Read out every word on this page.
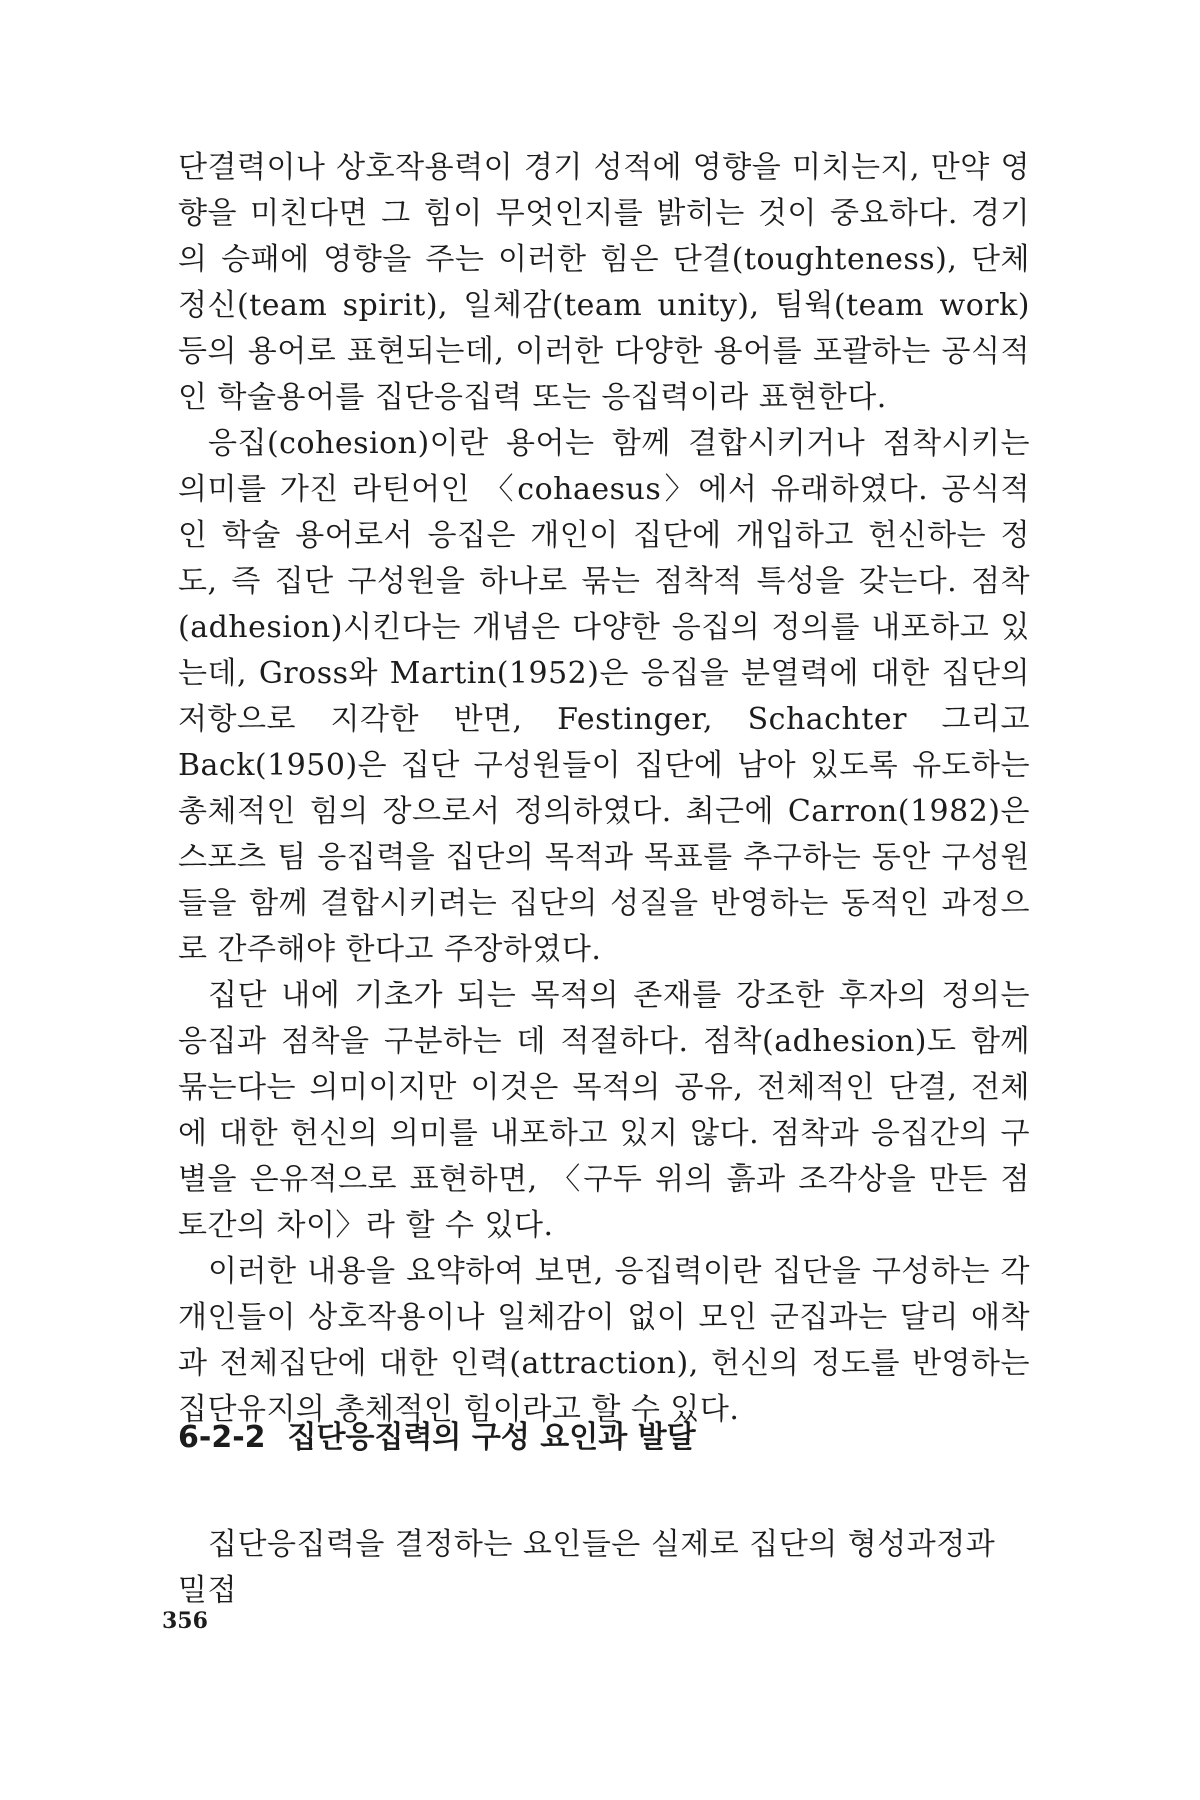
단결력이나 상호작용력이 경기 성적에 영향을 미치는지, 만약 영향을 미친다면 그 힘이 무엇인지를 밝히는 것이 중요하다. 경기의 승패에 영향을 주는 이러한 힘은 단결(toughteness), 단체정신(team spirit), 일체감(team unity), 팀웍(team work) 등의 용어로 표현되는데, 이러한 다양한 용어를 포괄하는 공식적인 학술용어를 집단응집력 또는 응집력이라 표현한다.

응집(cohesion)이란 용어는 함께 결합시키거나 점착시키는 의미를 가진 라틴어인 〈cohaesus〉에서 유래하였다. 공식적인 학술 용어로서 응집은 개인이 집단에 개입하고 헌신하는 정도, 즉 집단 구성원을 하나로 묶는 점착적 특성을 갖는다. 점착(adhesion)시킨다는 개념은 다양한 응집의 정의를 내포하고 있는데, Gross와 Martin(1952)은 응집을 분열력에 대한 집단의 저항으로 지각한 반면, Festinger, Schachter 그리고 Back(1950)은 집단 구성원들이 집단에 남아 있도록 유도하는 총체적인 힘의 장으로서 정의하였다. 최근에 Carron(1982)은 스포츠 팀 응집력을 집단의 목적과 목표를 추구하는 동안 구성원들을 함께 결합시키려는 집단의 성질을 반영하는 동적인 과정으로 간주해야 한다고 주장하였다.

집단 내에 기초가 되는 목적의 존재를 강조한 후자의 정의는 응집과 점착을 구분하는 데 적절하다. 점착(adhesion)도 함께 묶는다는 의미이지만 이것은 목적의 공유, 전체적인 단결, 전체에 대한 헌신의 의미를 내포하고 있지 않다. 점착과 응집간의 구별을 은유적으로 표현하면, 〈구두 위의 흙과 조각상을 만든 점토간의 차이〉라 할 수 있다.

이러한 내용을 요약하여 보면, 응집력이란 집단을 구성하는 각 개인들이 상호작용이나 일체감이 없이 모인 군집과는 달리 애착과 전체집단에 대한 인력(attraction), 헌신의 정도를 반영하는 집단유지의 총체적인 힘이라고 할 수 있다.

6-2-2 집단응집력의 구성 요인과 발달
집단응집력을 결정하는 요인들은 실제로 집단의 형성과정과 밀접
356
